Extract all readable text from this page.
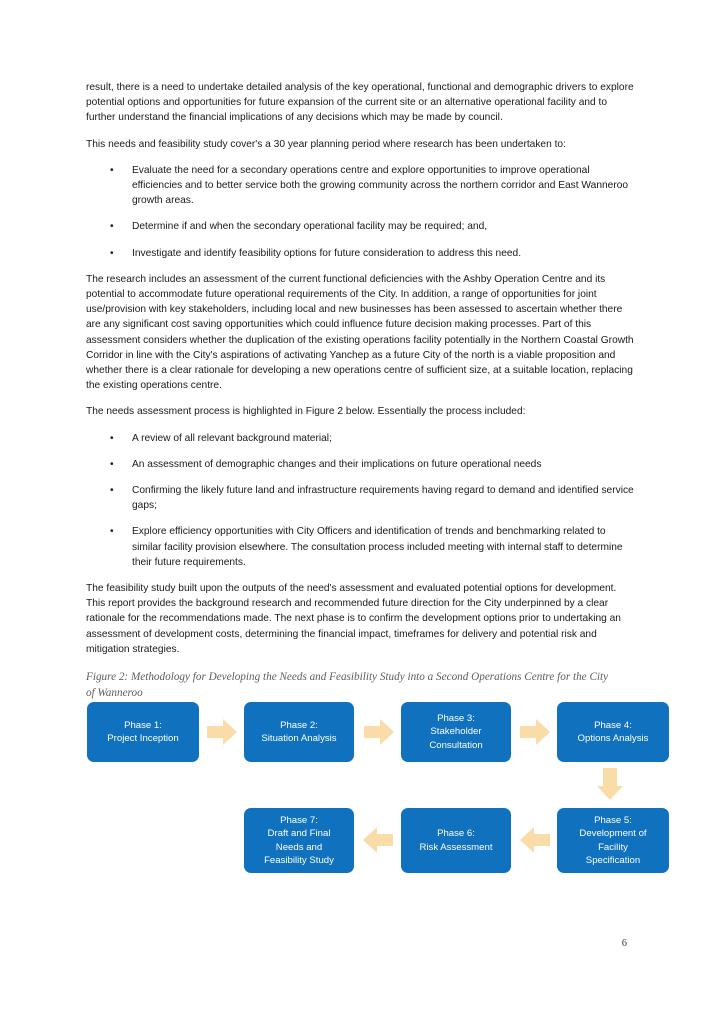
result, there is a need to undertake detailed analysis of the key operational, functional and demographic drivers to explore potential options and opportunities for future expansion of the current site or an alternative operational facility and to further understand the financial implications of any decisions which may be made by council.

This needs and feasibility study cover's a 30 year planning period where research has been undertaken to:

• Evaluate the need for a secondary operations centre and explore opportunities to improve operational efficiencies and to better service both the growing community across the northern corridor and East Wanneroo growth areas.
• Determine if and when the secondary operational facility may be required; and,
• Investigate and identify feasibility options for future consideration to address this need.

The research includes an assessment of the current functional deficiencies with the Ashby Operation Centre and its potential to accommodate future operational requirements of the City. In addition, a range of opportunities for joint use/provision with key stakeholders, including local and new businesses has been assessed to ascertain whether there are any significant cost saving opportunities which could influence future decision making processes. Part of this assessment considers whether the duplication of the existing operations facility potentially in the Northern Coastal Growth Corridor in line with the City's aspirations of activating Yanchep as a future City of the north is a viable proposition and whether there is a clear rationale for developing a new operations centre of sufficient size, at a suitable location, replacing the existing operations centre.

The needs assessment process is highlighted in Figure 2 below. Essentially the process included:

• A review of all relevant background material;
• An assessment of demographic changes and their implications on future operational needs
• Confirming the likely future land and infrastructure requirements having regard to demand and identified service gaps;
• Explore efficiency opportunities with City Officers and identification of trends and benchmarking related to similar facility provision elsewhere. The consultation process included meeting with internal staff to determine their future requirements.

The feasibility study built upon the outputs of the need's assessment and evaluated potential options for development. This report provides the background research and recommended future direction for the City underpinned by a clear rationale for the recommendations made. The next phase is to confirm the development options prior to undertaking an assessment of development costs, determining the financial impact, timeframes for delivery and potential risk and mitigation strategies.

Figure 2: Methodology for Developing the Needs and Feasibility Study into a Second Operations Centre for the City of Wanneroo

Phase 1:
Project Inception
Phase 2:
Situation Analysis
Phase 3:
Stakeholder
Consultation
Phase 4:
Options Analysis
Phase 5:
Development of
Facility
Specification
Phase 6:
Risk Assessment
Phase 7:
Draft and Final
Needs and
Feasibility Study
6
